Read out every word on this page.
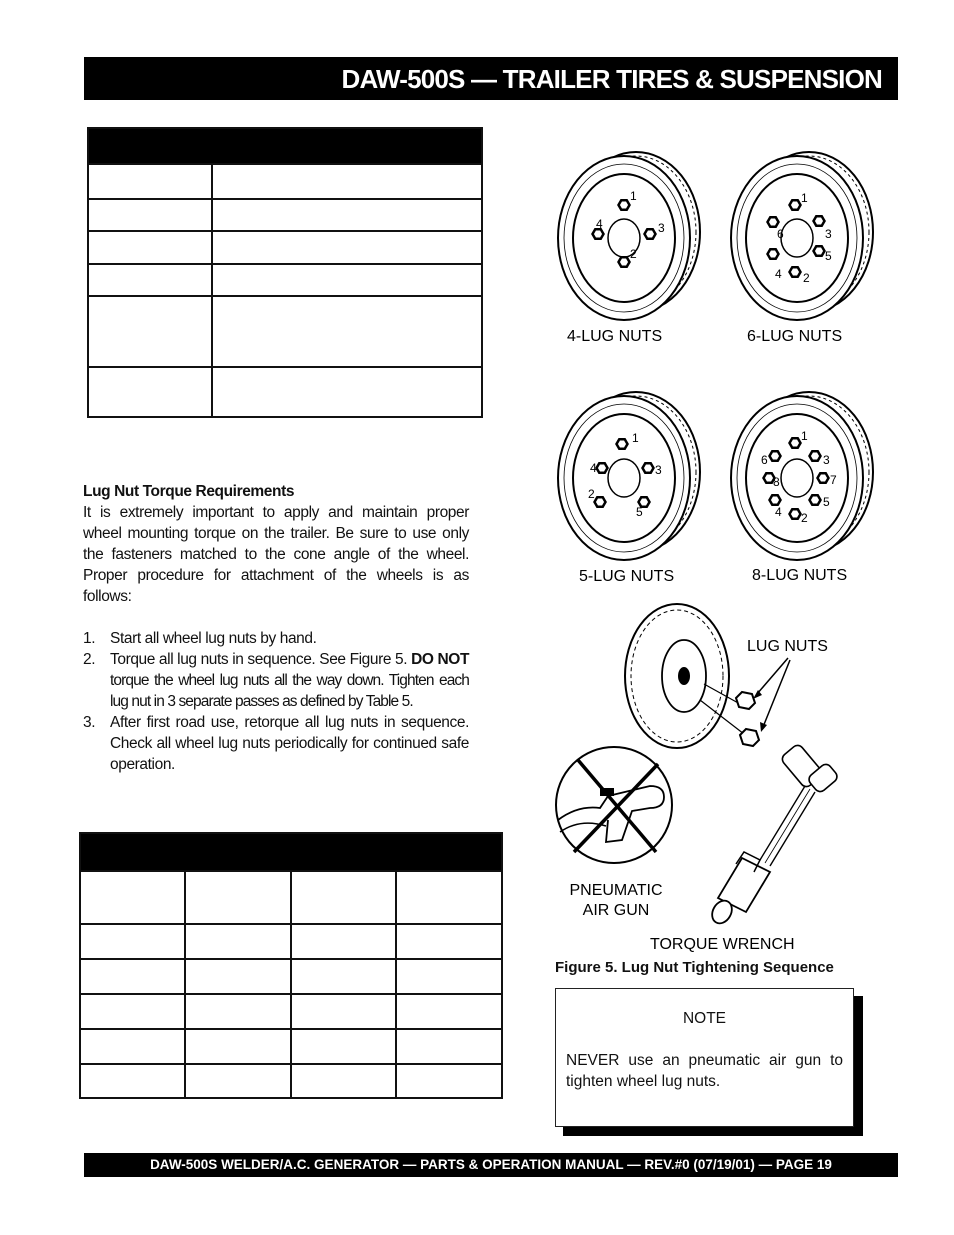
DAW-500S — TRAILER TIRES & SUSPENSION

Lug Nut Torque Requirements

It is extremely important to apply and maintain proper wheel mounting torque on the trailer. Be sure to use only the fasteners matched to the cone angle of the wheel. Proper procedure for attachment of the wheels is as follows:

1. Start all wheel lug nuts by hand.
2. Torque all lug nuts in sequence. See Figure 5. DO NOT torque the wheel lug nuts all the way down. Tighten each lug nut in 3 separate passes as defined by Table 5.
3. After first road use, retorque all lug nuts in sequence. Check all wheel lug nuts periodically for continued safe operation.

1
3
2
4
1
3
5
2
4
6
1
3
5
4
2
1
3
7
5
2
4
8
6
4-LUG NUTS	6-LUG NUTS
5-LUG NUTS	8-LUG NUTS
LUG NUTS
TORQUE WRENCH
PNEUMATIC
AIR GUN
Figure 5. Lug Nut Tightening Sequence
NOTE
NEVER use an pneumatic air gun to tighten wheel lug nuts.
DAW-500S WELDER/A.C. GENERATOR — PARTS & OPERATION MANUAL — REV.#0 (07/19/01) — PAGE 19
